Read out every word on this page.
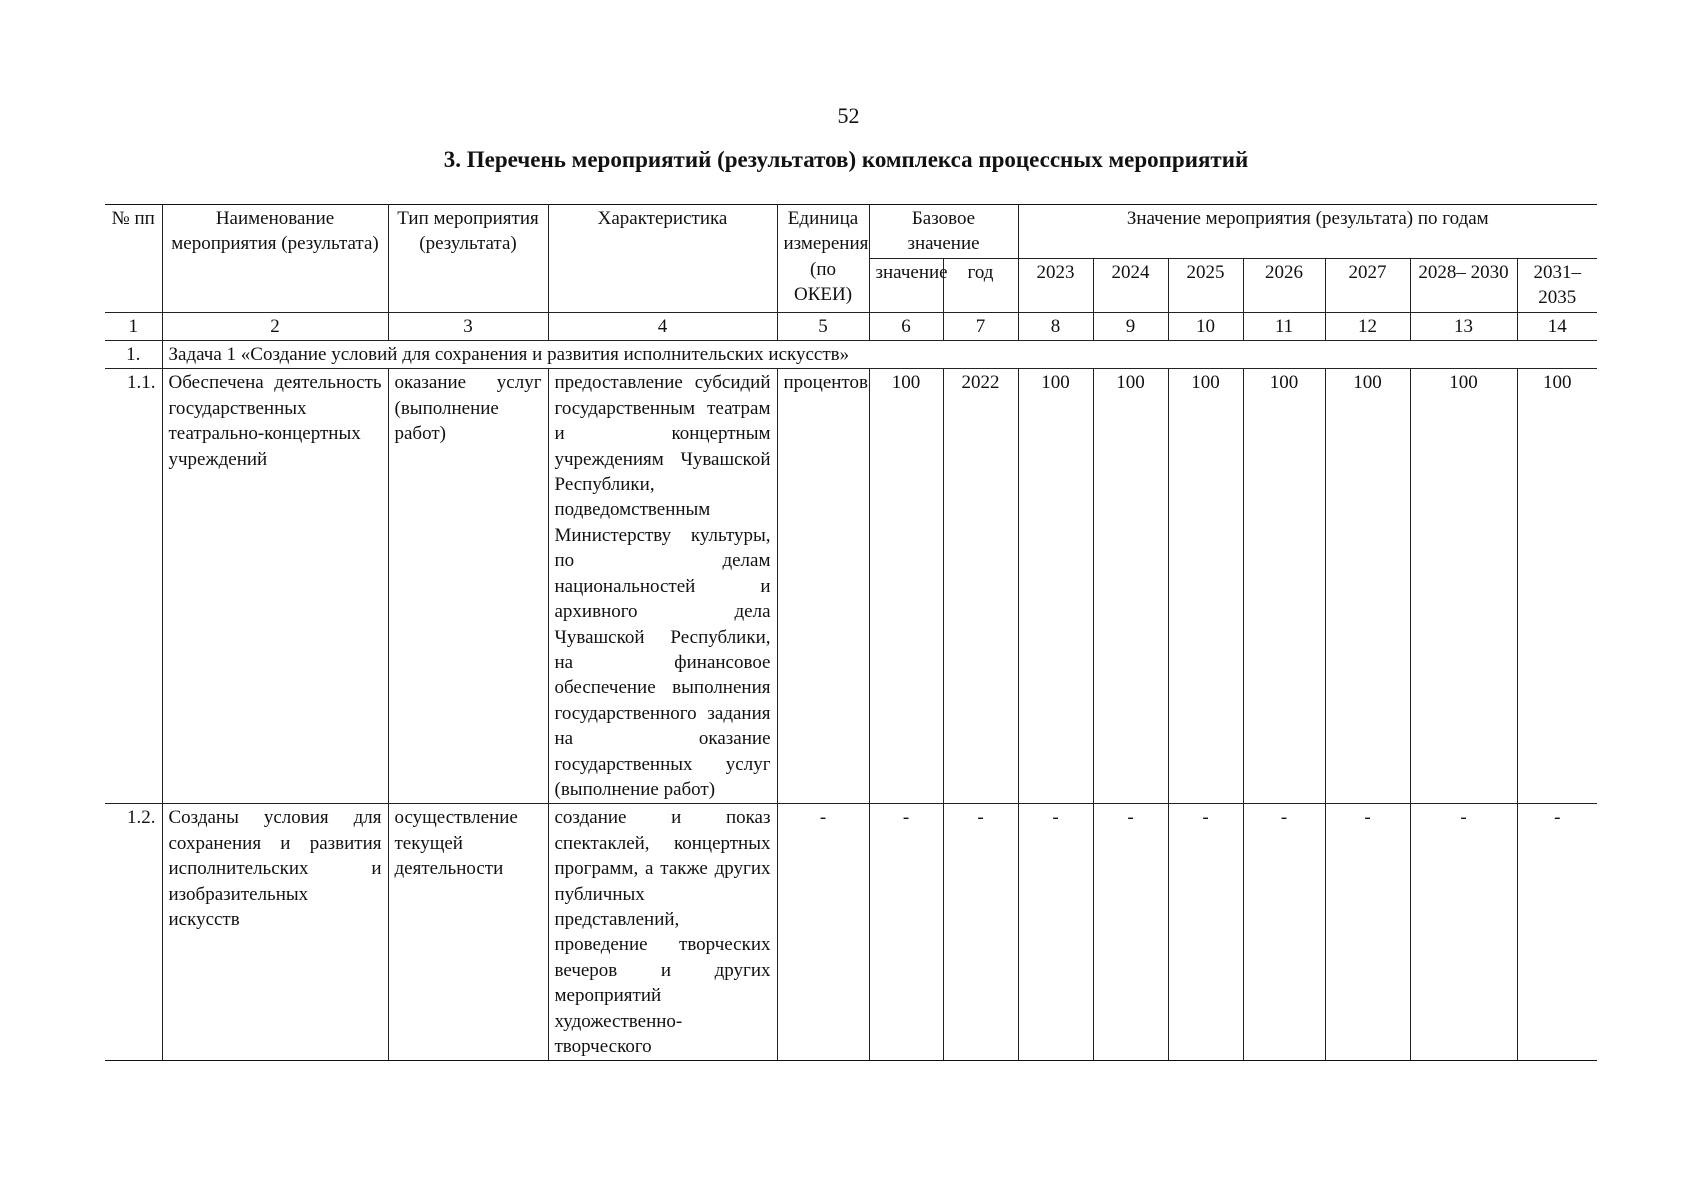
52
3. Перечень мероприятий (результатов) комплекса процессных мероприятий
№ пп	Наименование мероприятия (результата)	Тип мероприятия (результата)	Характеристика	Единица измерения (по ОКЕИ)	Базовое значение		Значение мероприятия (результата) по годам						
					значение	год	2023	2024	2025	2026	2027	2028– 2030	2031– 2035
1	2	3	4	5	6	7	8	9	10	11	12	13	14
1.	Задача 1 «Создание условий для сохранения и развития исполнительских искусств»												
1.1.	Обеспечена деятельность государственных театрально-концертных учреждений	оказание услуг (выполнение работ)	предоставление субсидий государственным театрам и концертным учреждениям Чувашской Республики, подведомственным Министерству культуры, по делам национальностей и архивного дела Чувашской Республики, на финансовое обеспечение выполнения государственного задания на оказание государственных услуг (выполнение работ)	процентов	100	2022	100	100	100	100	100	100	100
1.2.	Созданы условия для сохранения и развития исполнительских и изобразительных искусств	осуществление текущей деятельности	создание и показ спектаклей, концертных программ, а также других публичных представлений, проведение творческих вечеров и других мероприятий художественно-творческого	-	-	-	-	-	-	-	-	-	-
